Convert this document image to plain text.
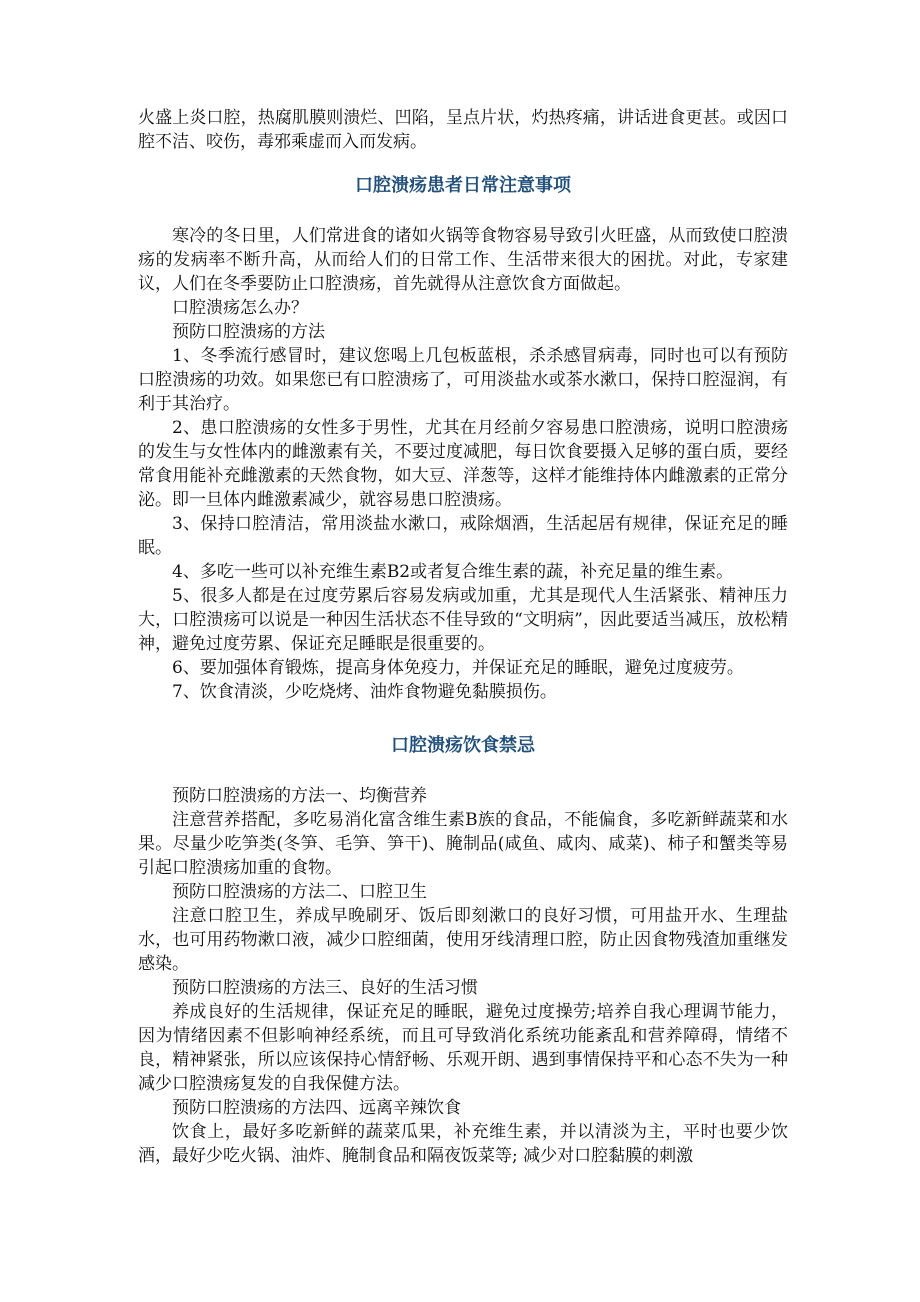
火盛上炎口腔，热腐肌膜则溃烂、凹陷，呈点片状，灼热疼痛，讲话进食更甚。或因口腔不洁、咬伤，毒邪乘虚而入而发病。

口腔溃疡患者日常注意事项

寒冷的冬日里，人们常进食的诸如火锅等食物容易导致引火旺盛，从而致使口腔溃疡的发病率不断升高，从而给人们的日常工作、生活带来很大的困扰。对此，专家建议，人们在冬季要防止口腔溃疡，首先就得从注意饮食方面做起。

口腔溃疡怎么办？

预防口腔溃疡的方法

1、冬季流行感冒时，建议您喝上几包板蓝根，杀杀感冒病毒，同时也可以有预防口腔溃疡的功效。如果您已有口腔溃疡了，可用淡盐水或茶水漱口，保持口腔湿润，有利于其治疗。

2、患口腔溃疡的女性多于男性，尤其在月经前夕容易患口腔溃疡，说明口腔溃疡的发生与女性体内的雌激素有关，不要过度减肥，每日饮食要摄入足够的蛋白质，要经常食用能补充雌激素的天然食物，如大豆、洋葱等，这样才能维持体内雌激素的正常分泌。即一旦体内雌激素减少，就容易患口腔溃疡。

3、保持口腔清洁，常用淡盐水漱口，戒除烟酒，生活起居有规律，保证充足的睡眠。

4、多吃一些可以补充维生素B2或者复合维生素的蔬，补充足量的维生素。

5、很多人都是在过度劳累后容易发病或加重，尤其是现代人生活紧张、精神压力大，口腔溃疡可以说是一种因生活状态不佳导致的“文明病”，因此要适当减压，放松精神，避免过度劳累、保证充足睡眠是很重要的。

6、要加强体育锻炼，提高身体免疫力，并保证充足的睡眠，避免过度疲劳。

7、饮食清淡，少吃烧烤、油炸食物避免黏膜损伤。

口腔溃疡饮食禁忌

预防口腔溃疡的方法一、均衡营养

注意营养搭配，多吃易消化富含维生素B族的食品，不能偏食，多吃新鲜蔬菜和水果。尽量少吃笋类(冬笋、毛笋、笋干)、腌制品(咸鱼、咸肉、咸菜)、柿子和蟹类等易引起口腔溃疡加重的食物。

预防口腔溃疡的方法二、口腔卫生

注意口腔卫生，养成早晚刷牙、饭后即刻漱口的良好习惯，可用盐开水、生理盐水，也可用药物漱口液，减少口腔细菌，使用牙线清理口腔，防止因食物残渣加重继发感染。

预防口腔溃疡的方法三、良好的生活习惯

养成良好的生活规律，保证充足的睡眠，避免过度操劳;培养自我心理调节能力，因为情绪因素不但影响神经系统，而且可导致消化系统功能紊乱和营养障碍，情绪不良，精神紧张，所以应该保持心情舒畅、乐观开朗、遇到事情保持平和心态不失为一种减少口腔溃疡复发的自我保健方法。

预防口腔溃疡的方法四、远离辛辣饮食

饮食上，最好多吃新鲜的蔬菜瓜果，补充维生素，并以清淡为主，平时也要少饮酒，最好少吃火锅、油炸、腌制食品和隔夜饭菜等; 减少对口腔黏膜的刺激
